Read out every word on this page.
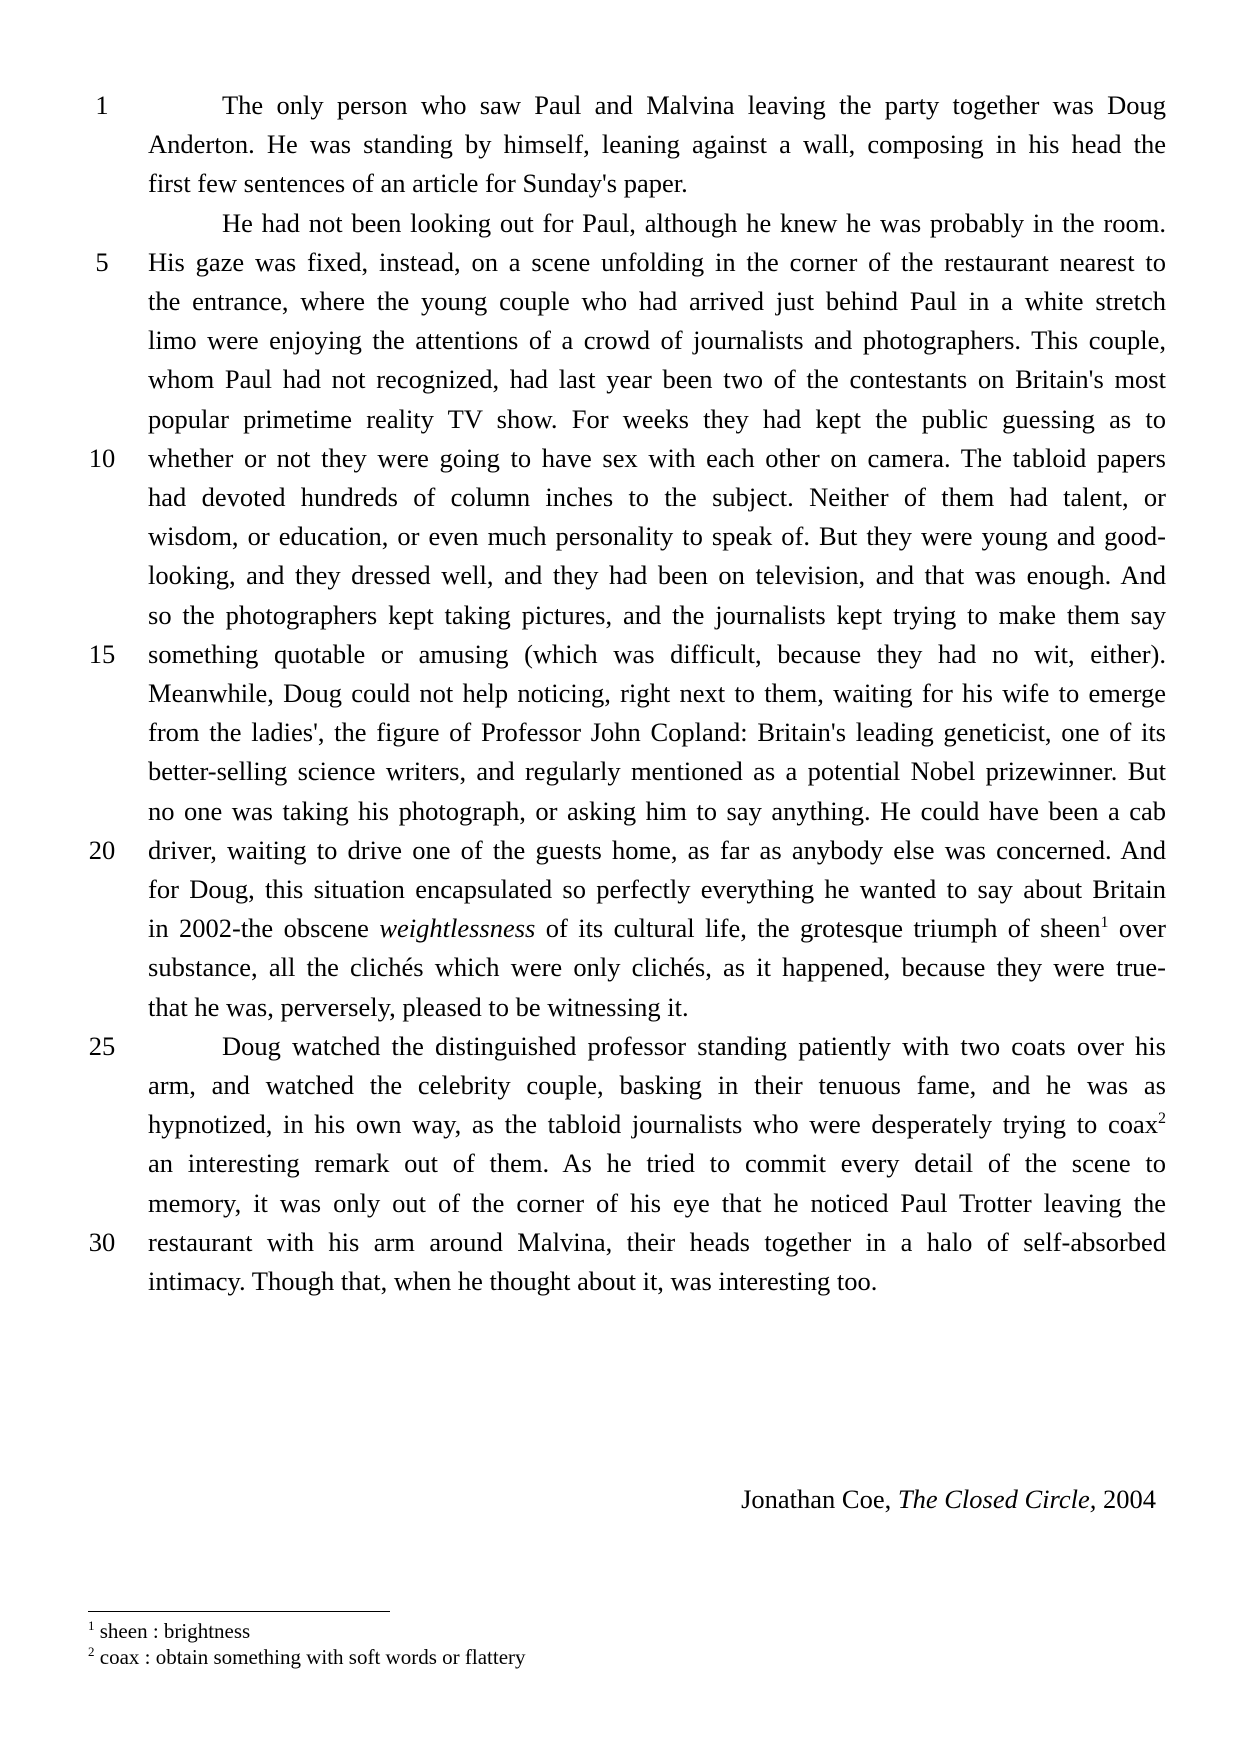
1
5
10
15
20
25
30
The only person who saw Paul and Malvina leaving the party together was Doug
Anderton. He was standing by himself, leaning against a wall, composing in his head the
first few sentences of an article for Sunday's paper.
He had not been looking out for Paul, although he knew he was probably in the room.
His gaze was fixed, instead, on a scene unfolding in the corner of the restaurant nearest to
the entrance, where the young couple who had arrived just behind Paul in a white stretch
limo were enjoying the attentions of a crowd of journalists and photographers. This couple,
whom Paul had not recognized, had last year been two of the contestants on Britain's most
popular primetime reality TV show. For weeks they had kept the public guessing as to
whether or not they were going to have sex with each other on camera. The tabloid papers
had devoted hundreds of column inches to the subject. Neither of them had talent, or
wisdom, or education, or even much personality to speak of. But they were young and good-
looking, and they dressed well, and they had been on television, and that was enough. And
so the photographers kept taking pictures, and the journalists kept trying to make them say
something quotable or amusing (which was difficult, because they had no wit, either).
Meanwhile, Doug could not help noticing, right next to them, waiting for his wife to emerge
from the ladies', the figure of Professor John Copland: Britain's leading geneticist, one of its
better-selling science writers, and regularly mentioned as a potential Nobel prizewinner. But
no one was taking his photograph, or asking him to say anything. He could have been a cab
driver, waiting to drive one of the guests home, as far as anybody else was concerned. And
for Doug, this situation encapsulated so perfectly everything he wanted to say about Britain
in 2002-the obscene weightlessness of its cultural life, the grotesque triumph of sheen$^1$ over
substance, all the clichés which were only clichés, as it happened, because they were true-
that he was, perversely, pleased to be witnessing it.
Doug watched the distinguished professor standing patiently with two coats over his
arm, and watched the celebrity couple, basking in their tenuous fame, and he was as
hypnotized, in his own way, as the tabloid journalists who were desperately trying to coax$^2$
an interesting remark out of them. As he tried to commit every detail of the scene to
memory, it was only out of the corner of his eye that he noticed Paul Trotter leaving the
restaurant with his arm around Malvina, their heads together in a halo of self-absorbed
intimacy. Though that, when he thought about it, was interesting too.
Jonathan Coe, The Closed Circle, 2004
$^1$ sheen : brightness
$^2$ coax : obtain something with soft words or flattery
